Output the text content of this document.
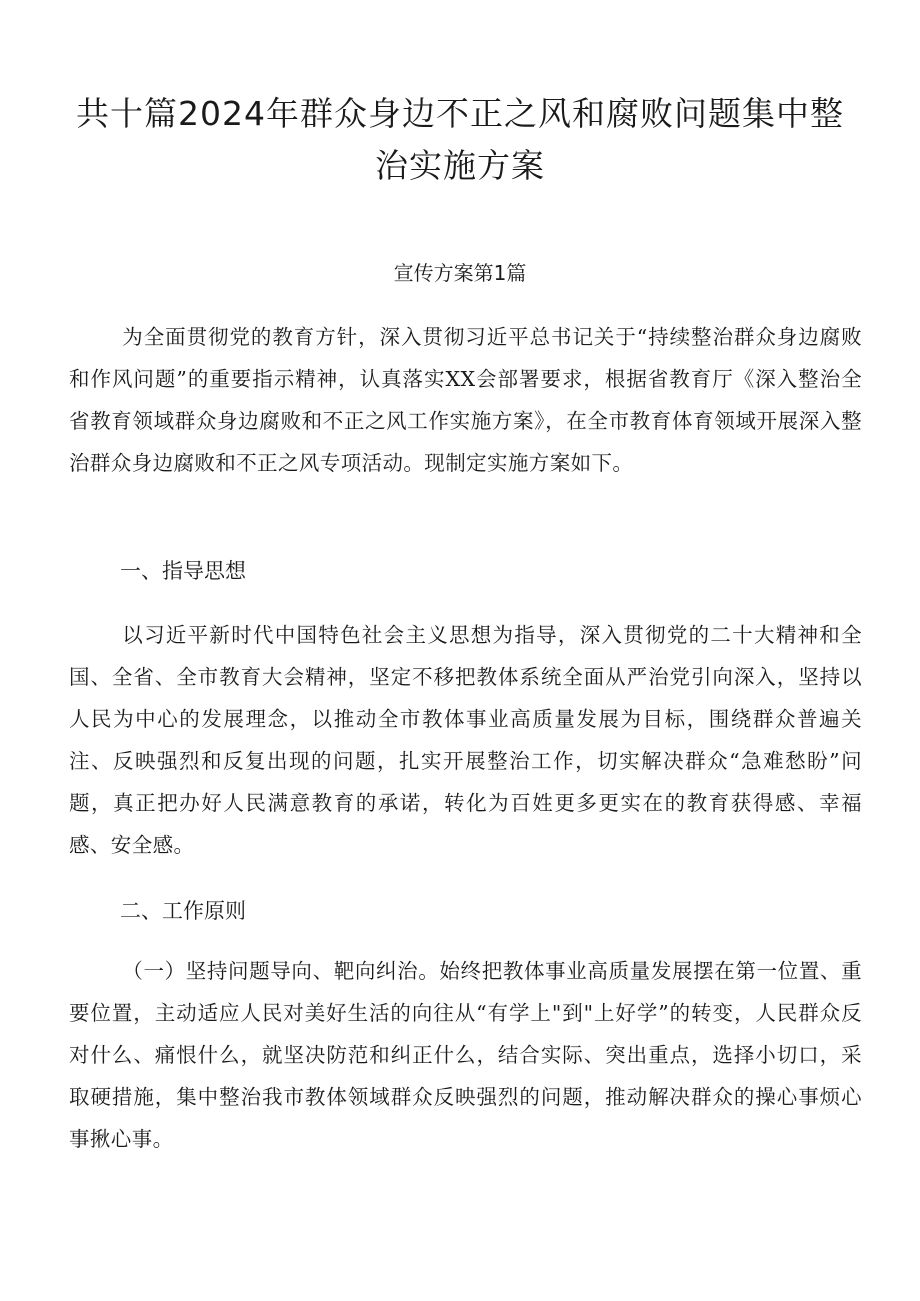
共十篇2024年群众身边不正之风和腐败问题集中整治实施方案
宣传方案第1篇

为全面贯彻党的教育方针，深入贯彻习近平总书记关于“持续整治群众身边腐败和作风问题”的重要指示精神，认真落实XX会部署要求，根据省教育厅《深入整治全省教育领域群众身边腐败和不正之风工作实施方案》，在全市教育体育领域开展深入整治群众身边腐败和不正之风专项活动。现制定实施方案如下。

一、指导思想

以习近平新时代中国特色社会主义思想为指导，深入贯彻党的二十大精神和全国、全省、全市教育大会精神，坚定不移把教体系统全面从严治党引向深入，坚持以人民为中心的发展理念，以推动全市教体事业高质量发展为目标，围绕群众普遍关注、反映强烈和反复出现的问题，扎实开展整治工作，切实解决群众“急难愁盼”问题，真正把办好人民满意教育的承诺，转化为百姓更多更实在的教育获得感、幸福感、安全感。

二、工作原则

（一）坚持问题导向、靶向纠治。始终把教体事业高质量发展摆在第一位置、重要位置，主动适应人民对美好生活的向往从“有学上"到"上好学”的转变，人民群众反对什么、痛恨什么，就坚决防范和纠正什么，结合实际、突出重点，选择小切口，采取硬措施，集中整治我市教体领域群众反映强烈的问题，推动解决群众的操心事烦心事揪心事。
